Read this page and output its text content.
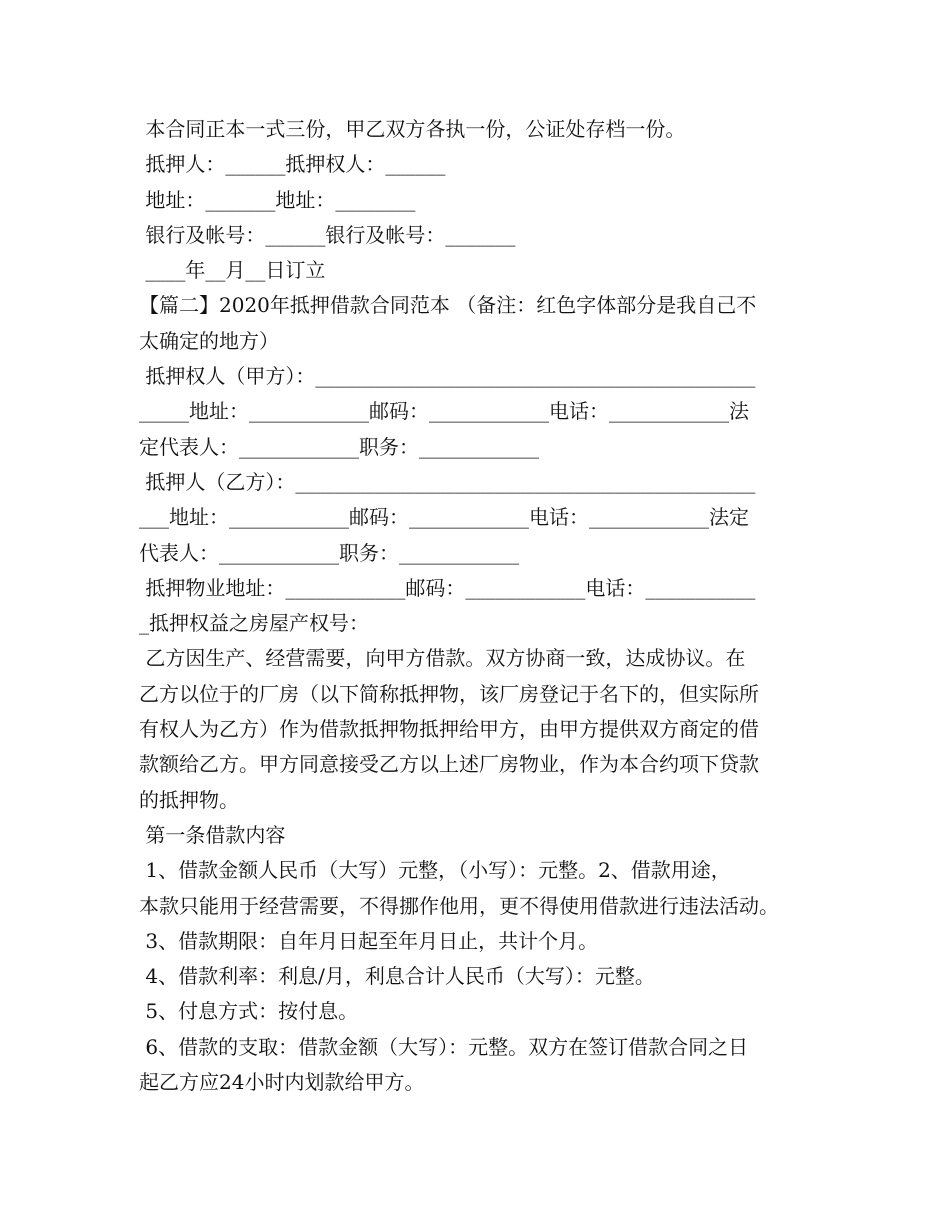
本合同正本一式三份，甲乙双方各执一份，公证处存档一份。
抵押人：______抵押权人：______
地址：_______地址：________
银行及帐号：______银行及帐号：_______
____年__月__日订立
【篇二】2020年抵押借款合同范本 （备注：红色字体部分是我自己不
太确定的地方）
抵押权人（甲方）：____________________________________________
_____地址：____________邮码：____________电话：____________法
定代表人：____________职务：____________
抵押人（乙方）：______________________________________________
___地址：____________邮码：____________电话：____________法定
代表人：____________职务：____________
抵押物业地址：____________邮码：____________电话：___________
_抵押权益之房屋产权号：
乙方因生产、经营需要，向甲方借款。双方协商一致，达成协议。在
乙方以位于的厂房（以下简称抵押物，该厂房登记于名下的，但实际所
有权人为乙方）作为借款抵押物抵押给甲方，由甲方提供双方商定的借
款额给乙方。甲方同意接受乙方以上述厂房物业，作为本合约项下贷款
的抵押物。
第一条借款内容
1、借款金额人民币（大写）元整，（小写）：元整。2、借款用途，
本款只能用于经营需要，不得挪作他用，更不得使用借款进行违法活动。
3、借款期限：自年月日起至年月日止，共计个月。
4、借款利率：利息/月，利息合计人民币（大写）：元整。
5、付息方式：按付息。
6、借款的支取：借款金额（大写）：元整。双方在签订借款合同之日
起乙方应24小时内划款给甲方。
